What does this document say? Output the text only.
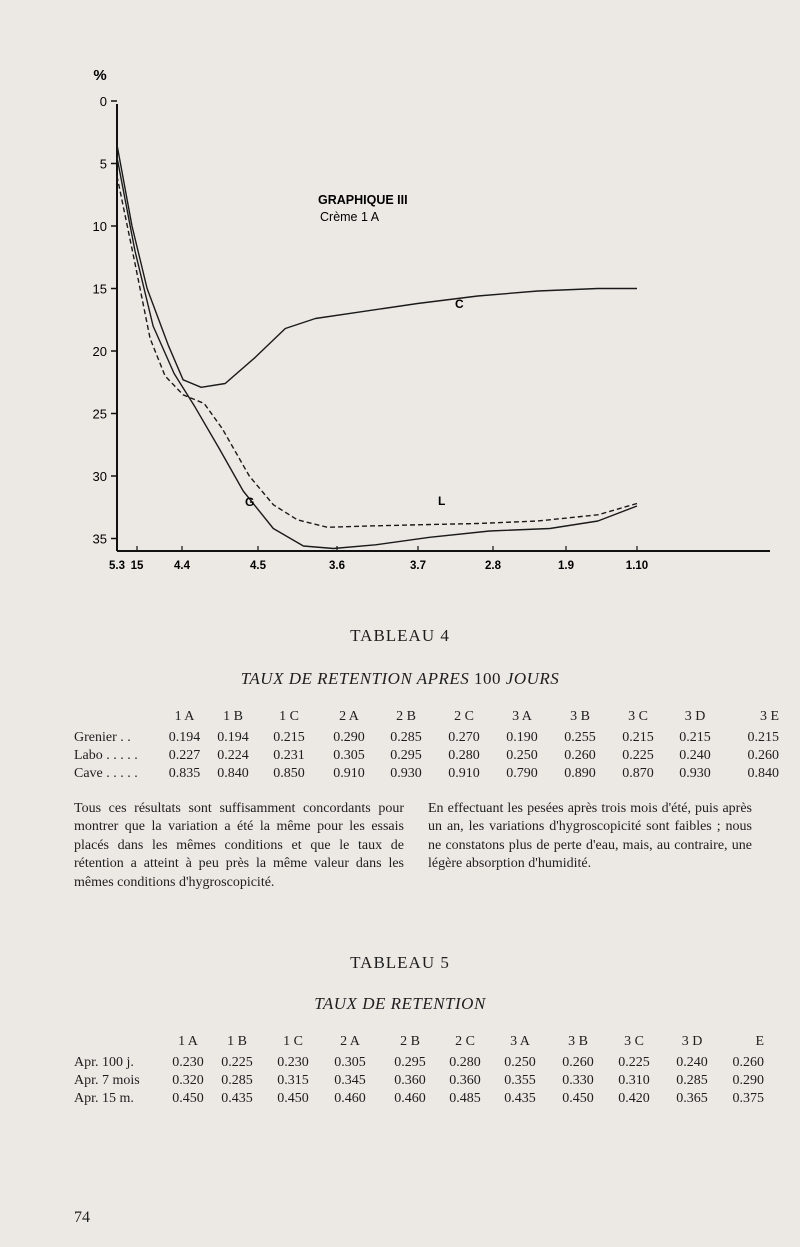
0
5
10
15
20
25
30
35
5.3 15	4.4	4.5	3.6	3.7	2.8	1.9	1.10
%
GRAPHIQUE III
Crème 1 A
C
L
G
TABLEAU 4
TAUX DE RETENTION APRES 100 JOURS
	1 A	1 B	1 C	2 A	2 B	2 C	3 A	3 B	3 C	3 D	3 E
Grenier . .	0.194	0.194	0.215	0.290	0.285	0.270	0.190	0.255	0.215	0.215	0.215
Labo . . . . .	0.227	0.224	0.231	0.305	0.295	0.280	0.250	0.260	0.225	0.240	0.260
Cave . . . . .	0.835	0.840	0.850	0.910	0.930	0.910	0.790	0.890	0.870	0.930	0.840
Tous ces résultats sont suffisamment concordants pour montrer que la variation a été la même pour les essais placés dans les mêmes conditions et que le taux de rétention a atteint à peu près la même valeur dans les mêmes conditions d'hygroscopicité.
En effectuant les pesées après trois mois d'été, puis après un an, les variations d'hygroscopicité sont faibles ; nous ne constatons plus de perte d'eau, mais, au contraire, une légère absorption d'humidité.
TABLEAU 5
TAUX DE RETENTION
	1 A	1 B	1 C	2 A	2 B	2 C	3 A	3 B	3 C	3 D	E
Apr. 100 j.	0.230	0.225	0.230	0.305	0.295	0.280	0.250	0.260	0.225	0.240	0.260
Apr. 7 mois	0.320	0.285	0.315	0.345	0.360	0.360	0.355	0.330	0.310	0.285	0.290
Apr. 15 m.	0.450	0.435	0.450	0.460	0.460	0.485	0.435	0.450	0.420	0.365	0.375
74
